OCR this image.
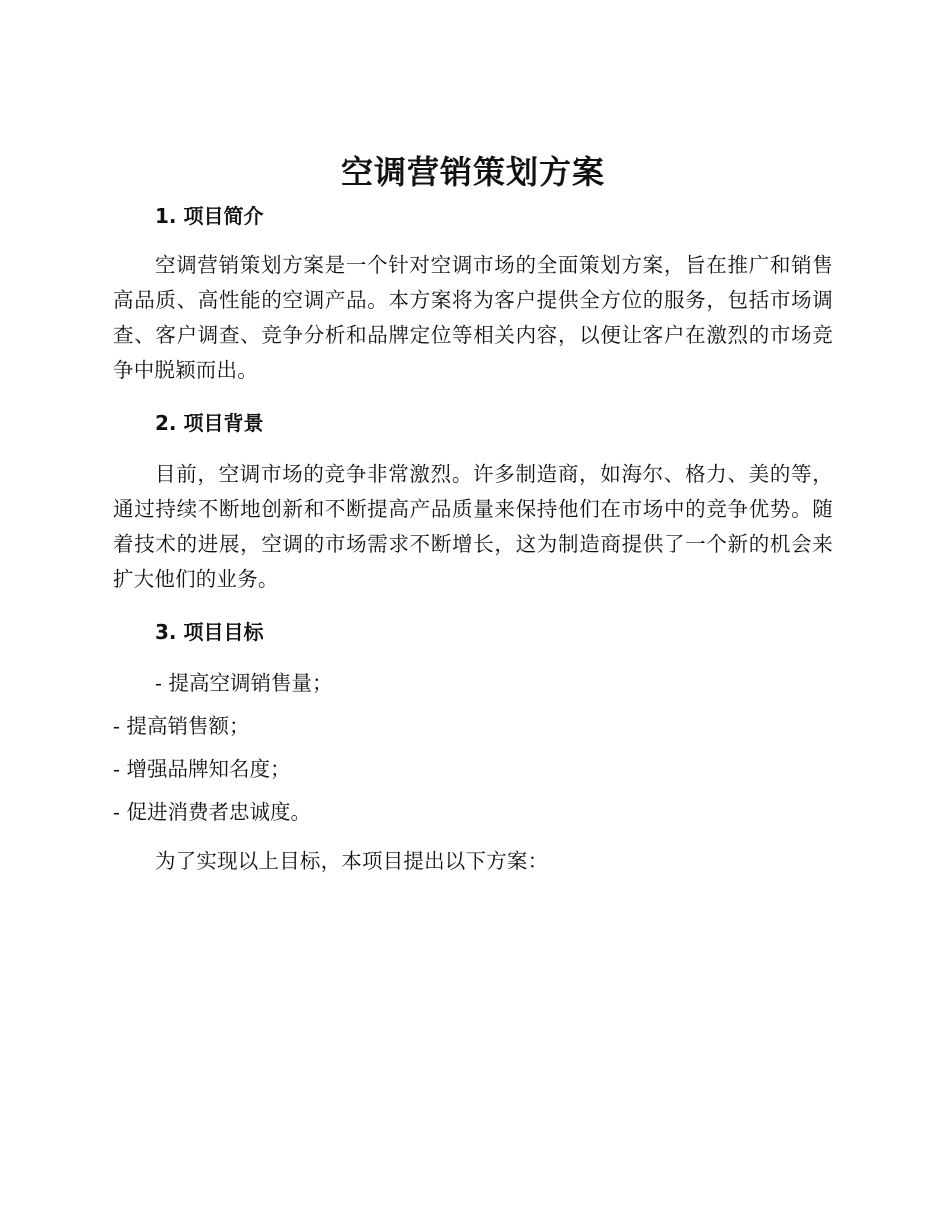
空调营销策划方案
1. 项目简介

空调营销策划方案是一个针对空调市场的全面策划方案，旨在推广和销售高品质、高性能的空调产品。本方案将为客户提供全方位的服务，包括市场调查、客户调查、竞争分析和品牌定位等相关内容，以便让客户在激烈的市场竞争中脱颖而出。

2. 项目背景

目前，空调市场的竞争非常激烈。许多制造商，如海尔、格力、美的等，通过持续不断地创新和不断提高产品质量来保持他们在市场中的竞争优势。随着技术的进展，空调的市场需求不断增长，这为制造商提供了一个新的机会来扩大他们的业务。

3. 项目目标
- 提高空调销售量；
- 提高销售额；
- 增强品牌知名度；
- 促进消费者忠诚度。

为了实现以上目标，本项目提出以下方案：
